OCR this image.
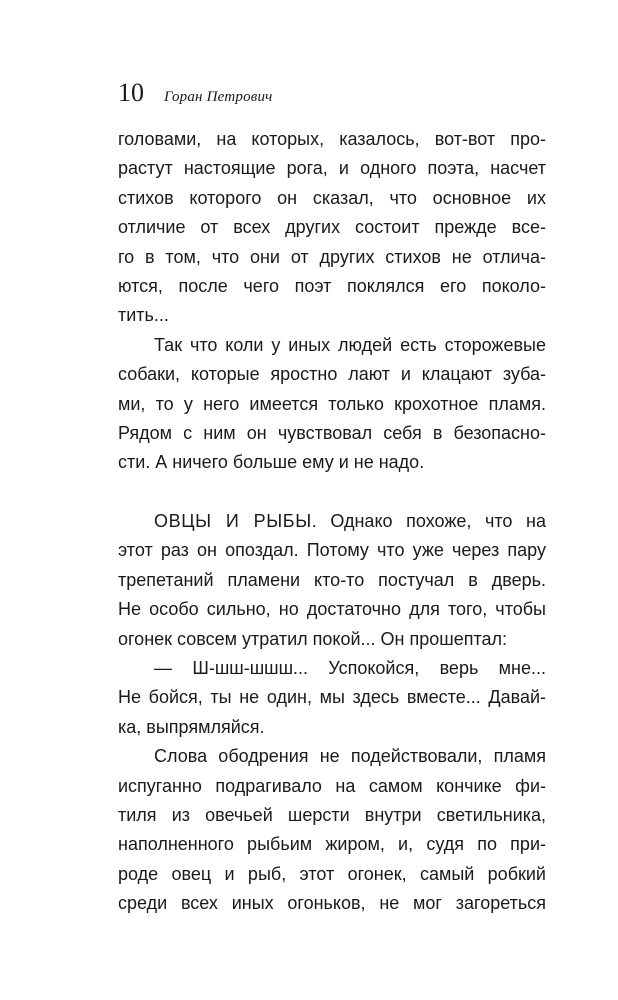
10 Горан Петрович
головами, на которых, казалось, вот-вот про-
растут настоящие рога, и одного поэта, насчет
стихов которого он сказал, что основное их
отличие от всех других состоит прежде все-
го в том, что они от других стихов не отлича-
ются, после чего поэт поклялся его поколо-
тить...
Так что коли у иных людей есть сторожевые
собаки, которые яростно лают и клацают зуба-
ми, то у него имеется только крохотное пламя.
Рядом с ним он чувствовал себя в безопасно-
сти. А ничего больше ему и не надо.
ОВЦЫ И РЫБЫ. Однако похоже, что на
этот раз он опоздал. Потому что уже через пару
трепетаний пламени кто-то постучал в дверь.
Не особо сильно, но достаточно для того, чтобы
огонек совсем утратил покой... Он прошептал:
— Ш-шш-шшш... Успокойся, верь мне...
Не бойся, ты не один, мы здесь вместе... Давай-
ка, выпрямляйся.
Слова ободрения не подействовали, пламя
испуганно подрагивало на самом кончике фи-
тиля из овечьей шерсти внутри светильника,
наполненного рыбьим жиром, и, судя по при-
роде овец и рыб, этот огонек, самый робкий
среди всех иных огоньков, не мог загореться
